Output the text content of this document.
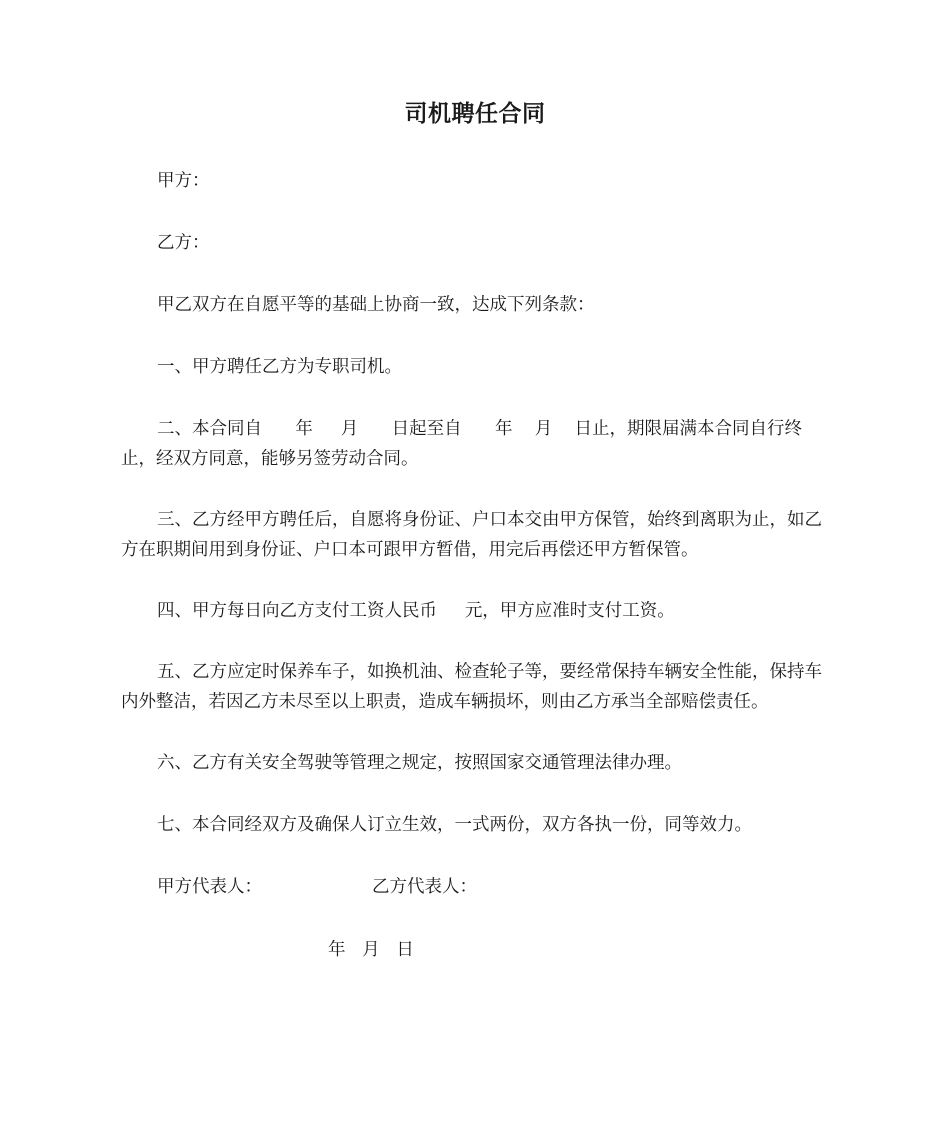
司机聘任合同

甲方：

乙方：

甲乙双方在自愿平等的基础上协商一致，达成下列条款：

一、甲方聘任乙方为专职司机。

二、本合同自      年     月      日起至自      年    月    日止，期限届满本合同自行终止，经双方同意，能够另签劳动合同。

三、乙方经甲方聘任后，自愿将身份证、户口本交由甲方保管，始终到离职为止，如乙方在职期间用到身份证、户口本可跟甲方暂借，用完后再偿还甲方暂保管。

四、甲方每日向乙方支付工资人民币     元，甲方应准时支付工资。

五、乙方应定时保养车子，如换机油、检查轮子等，要经常保持车辆安全性能，保持车内外整洁，若因乙方未尽至以上职责，造成车辆损坏，则由乙方承当全部赔偿责任。

六、乙方有关安全驾驶等管理之规定，按照国家交通管理法律办理。

七、本合同经双方及确保人订立生效，一式两份，双方各执一份，同等效力。

甲方代表人：	乙方代表人：
年   月   日
